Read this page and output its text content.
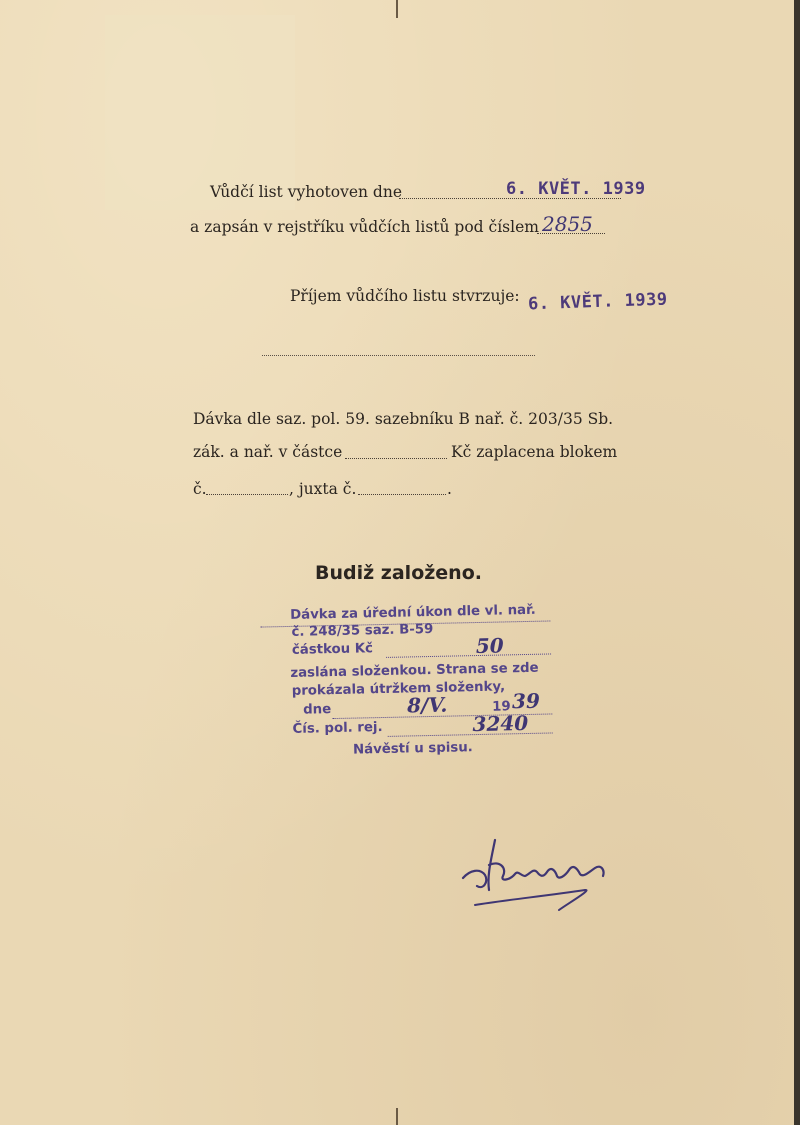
Vůdčí list vyhotoven dne	6. KVĚT. 1939
a zapsán v rejstříku vůdčích listů pod číslem 2855
Příjem vůdčího listu stvrzuje: 6. KVĚT. 1939
Dávka dle saz. pol. 59. sazebníku B nař. č. 203/35 Sb.
zák. a nař. v částce	Kč zaplacena blokem
č.	, juxta č.	.
Budiž založeno.
Dávka za úřední úkon dle vl. nař.
č. 248/35 saz. B-59
částkou Kč	50
zaslána složenkou. Strana se zde
prokázala útržkem složenky,
dne	8/V.	19 39
Čís. pol. rej.	3240
Návěstí u spisu.
